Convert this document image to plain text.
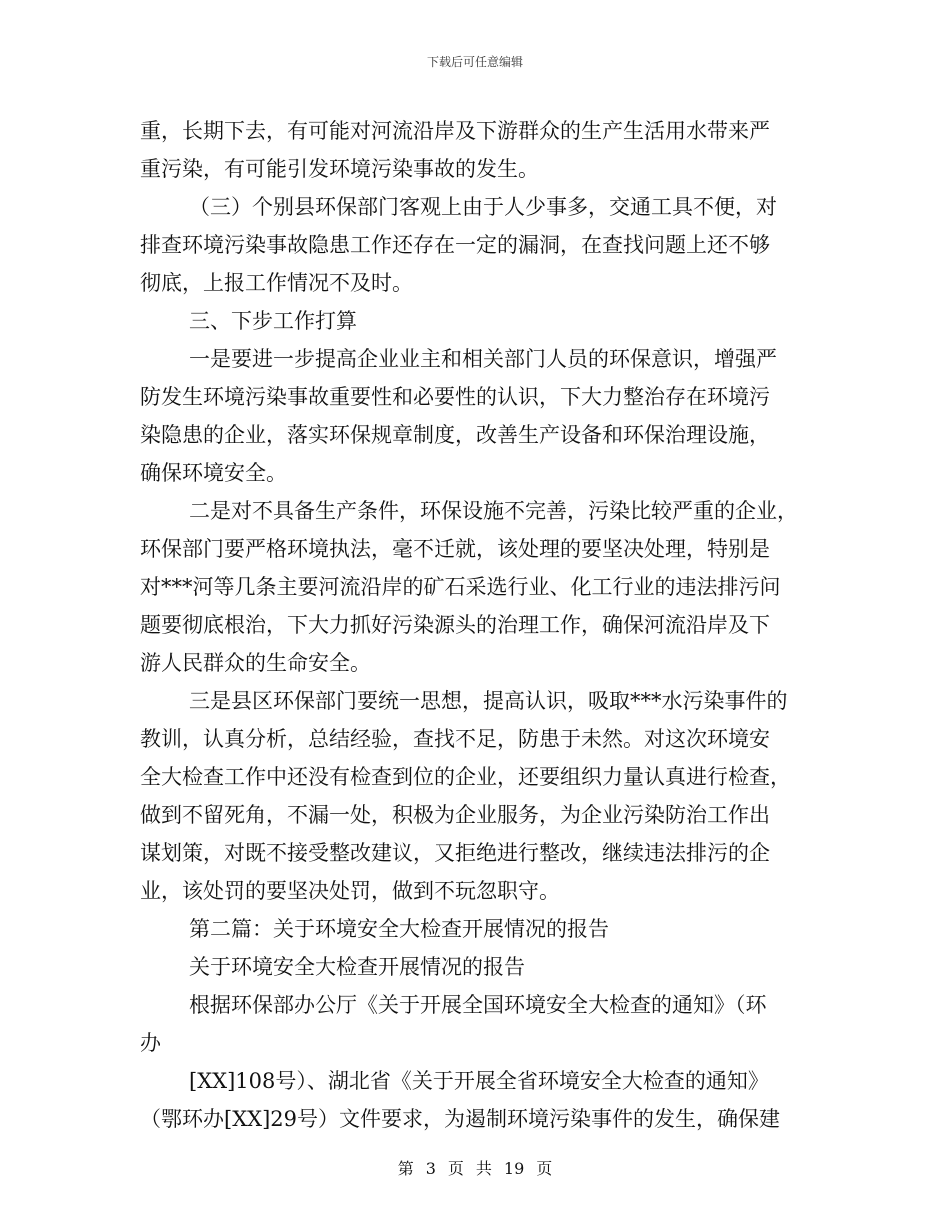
下载后可任意编辑
重，长期下去，有可能对河流沿岸及下游群众的生产生活用水带来严
重污染，有可能引发环境污染事故的发生。
（三）个别县环保部门客观上由于人少事多，交通工具不便，对
排查环境污染事故隐患工作还存在一定的漏洞，在查找问题上还不够
彻底，上报工作情况不及时。
三、下步工作打算
一是要进一步提高企业业主和相关部门人员的环保意识，增强严
防发生环境污染事故重要性和必要性的认识，下大力整治存在环境污
染隐患的企业，落实环保规章制度，改善生产设备和环保治理设施，
确保环境安全。
二是对不具备生产条件，环保设施不完善，污染比较严重的企业，
环保部门要严格环境执法，毫不迁就，该处理的要坚决处理，特别是
对***河等几条主要河流沿岸的矿石采选行业、化工行业的违法排污问
题要彻底根治，下大力抓好污染源头的治理工作，确保河流沿岸及下
游人民群众的生命安全。
三是县区环保部门要统一思想，提高认识，吸取***水污染事件的
教训，认真分析，总结经验，查找不足，防患于未然。对这次环境安
全大检查工作中还没有检查到位的企业，还要组织力量认真进行检查，
做到不留死角，不漏一处，积极为企业服务，为企业污染防治工作出
谋划策，对既不接受整改建议，又拒绝进行整改，继续违法排污的企
业，该处罚的要坚决处罚，做到不玩忽职守。
第二篇：关于环境安全大检查开展情况的报告
关于环境安全大检查开展情况的报告
根据环保部办公厅《关于开展全国环境安全大检查的通知》（环
办
[XX]108号）、湖北省《关于开展全省环境安全大检查的通知》
（鄂环办[XX]29号）文件要求，为遏制环境污染事件的发生，确保建
第 3 页 共 19 页
